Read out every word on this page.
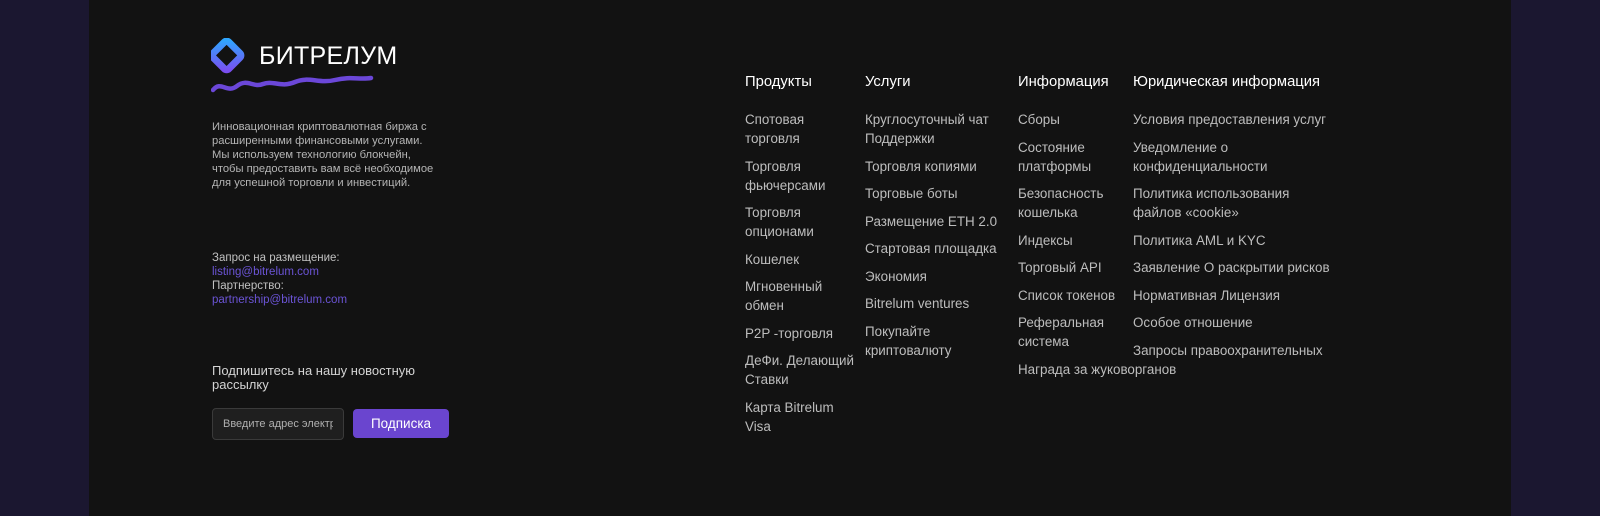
БИТРЕЛУМ
Инновационная криптовалютная биржа с расширенными финансовыми услугами. Мы используем технологию блокчейн, чтобы предоставить вам всё необходимое для успешной торговли и инвестиций.
Запрос на размещение:
listing@bitrelum.com
Партнерство:
partnership@bitrelum.com
Подпишитесь на нашу новостную рассылку
Введите адрес электронной почты
Подписка
Продукты
Спотовая торговля
Торговля фьючерсами
Торговля опционами
Кошелек
Мгновенный обмен
P2P -торговля
ДеФи. Делающий Ставки
Карта Bitrelum Visa
Услуги
Круглосуточный чат Поддержки
Торговля копиями
Торговые боты
Размещение ETH 2.0
Стартовая площадка
Экономия
Bitrelum ventures
Покупайте криптовалюту
Информация
Сборы
Состояние платформы
Безопасность кошелька
Индексы
Торговый API
Список токенов
Реферальная система
Награда за жуковорганов
Юридическая информация
Условия предоставления услуг
Уведомление о конфиденциальности
Политика использования файлов «cookie»
Политика AML и KYC
Заявление О раскрытии рисков
Нормативная Лицензия
Особое отношение
Запросы правоохранительных
